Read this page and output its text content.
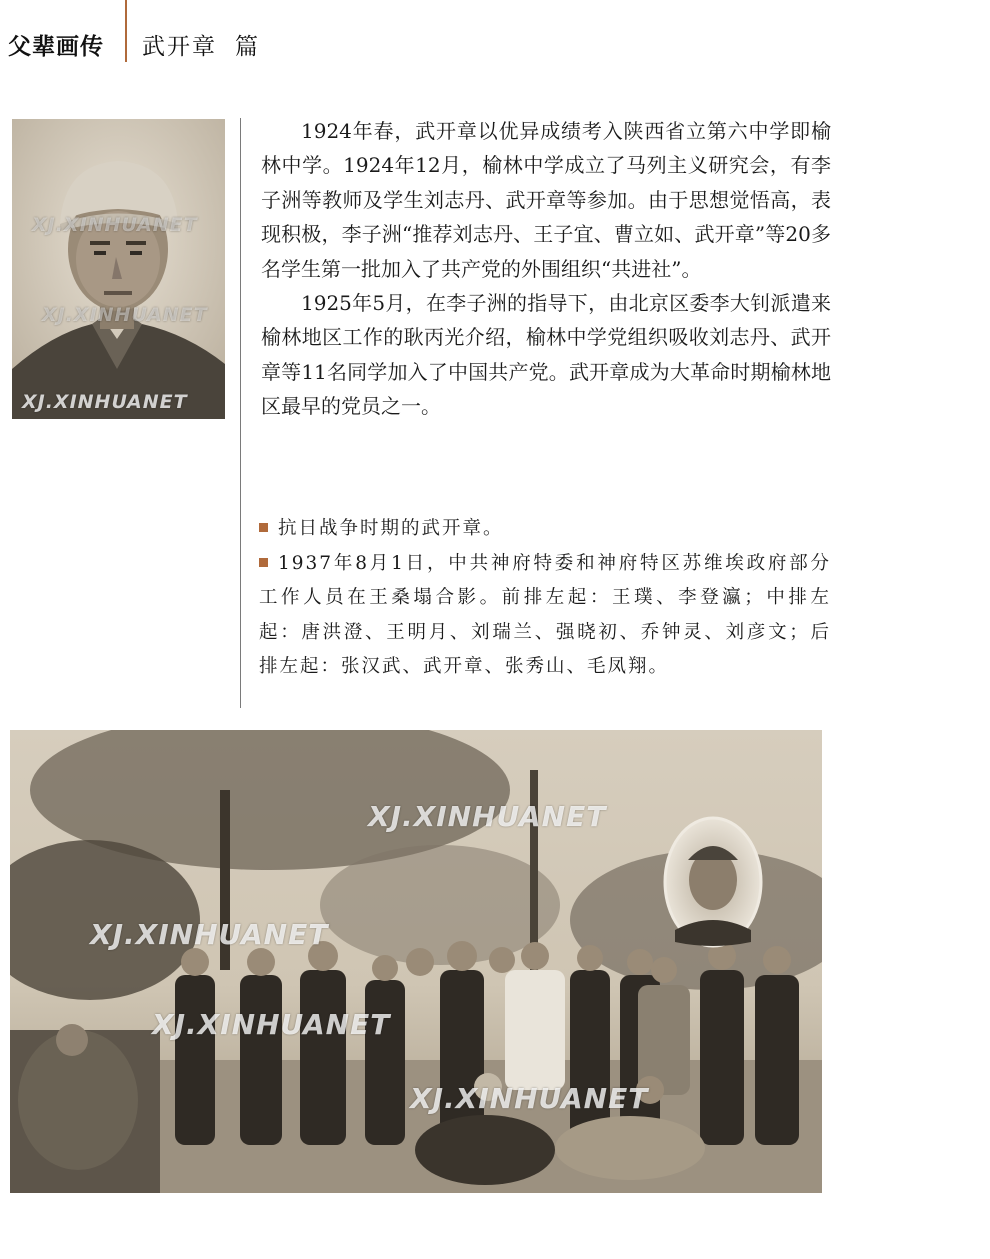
父辈画传 武开章 篇
XJ.XINHUANET
XJ.XINHUANET
XJ.XINHUANET

1924年春，武开章以优异成绩考入陕西省立第六中学即榆林中学。1924年12月，榆林中学成立了马列主义研究会，有李子洲等教师及学生刘志丹、武开章等参加。由于思想觉悟高，表现积极，李子洲“推荐刘志丹、王子宜、曹立如、武开章”等20多名学生第一批加入了共产党的外围组织“共进社”。

1925年5月，在李子洲的指导下，由北京区委李大钊派遣来榆林地区工作的耿丙光介绍，榆林中学党组织吸收刘志丹、武开章等11名同学加入了中国共产党。武开章成为大革命时期榆林地区最早的党员之一。

抗日战争时期的武开章。

1937年8月1日，中共神府特委和神府特区苏维埃政府部分工作人员在王桑塌合影。前排左起：王璞、李登瀛；中排左起：唐洪澄、王明月、刘瑞兰、强晓初、乔钟灵、刘彦文；后排左起：张汉武、武开章、张秀山、毛凤翔。

XJ.XINHUANET
XJ.XINHUANET
XJ.XINHUANET
XJ.XINHUANET
